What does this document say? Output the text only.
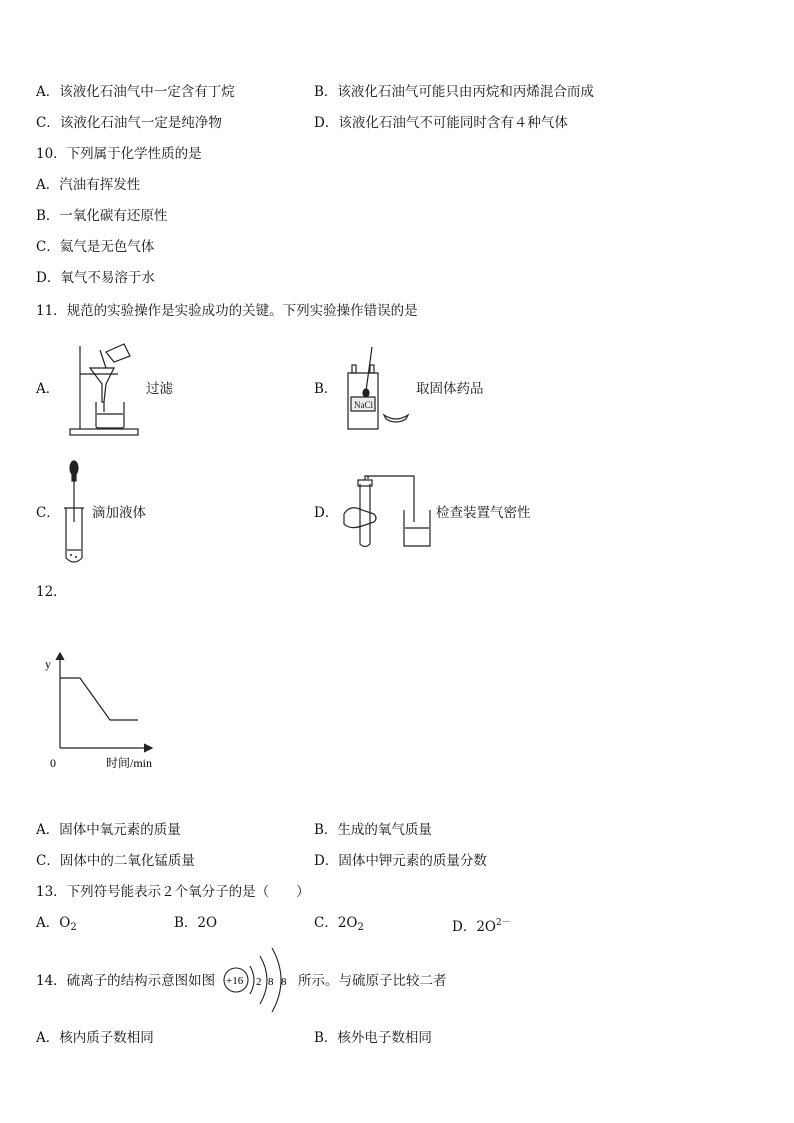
A．该液化石油气中一定含有丁烷	B．该液化石油气可能只由丙烷和丙烯混合而成
C．该液化石油气一定是纯净物	D．该液化石油气不可能同时含有４种气体
10．下列属于化学性质的是
A．汽油有挥发性
B．一氧化碳有还原性
C．氦气是无色气体
D．氧气不易溶于水
11．规范的实验操作是实验成功的关键。下列实验操作错误的是
A．	过滤	B．
NaCl
取固体药品
C． 滴加液体	D．	检查装置气密性
12．
y
0	时间/min
A．固体中氧元素的质量	B．生成的氧气质量
C．固体中的二氧化锰质量	D．固体中钾元素的质量分数
13．下列符号能表示２个氧分子的是（　　）
A．$O_2$	B．2O	C．$2O_2$	D．$2O^{2-}$
14．硫离子的结构示意图如图 +16 2 8 8 所示。与硫原子比较二者
A．核内质子数相同	B．核外电子数相同
